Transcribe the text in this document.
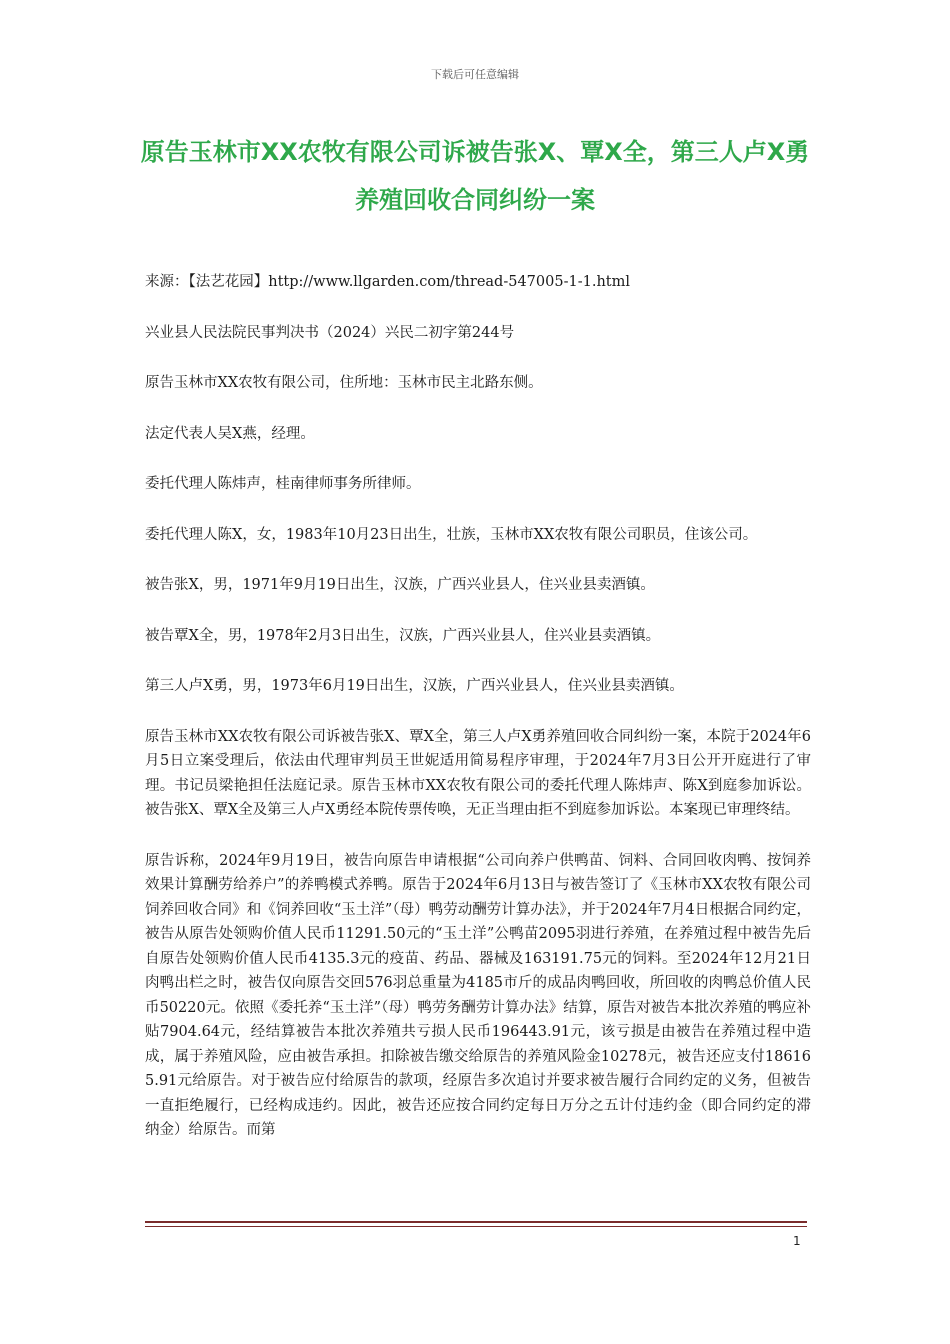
下载后可任意编辑
原告玉林市XX农牧有限公司诉被告张X、覃X全，第三人卢X勇养殖回收合同纠纷一案

来源：【法艺花园】http://www.llgarden.com/thread-547005-1-1.html

兴业县人民法院民事判决书（2024）兴民二初字第244号

原告玉林市XX农牧有限公司，住所地：玉林市民主北路东侧。

法定代表人吴X燕，经理。

委托代理人陈炜声，桂南律师事务所律师。

委托代理人陈X，女，1983年10月23日出生，壮族，玉林市XX农牧有限公司职员，住该公司。

被告张X，男，1971年9月19日出生，汉族，广西兴业县人，住兴业县卖酒镇。

被告覃X全，男，1978年2月3日出生，汉族，广西兴业县人，住兴业县卖酒镇。

第三人卢X勇，男，1973年6月19日出生，汉族，广西兴业县人，住兴业县卖酒镇。

原告玉林市XX农牧有限公司诉被告张X、覃X全，第三人卢X勇养殖回收合同纠纷一案，本院于2024年6月5日立案受理后，依法由代理审判员王世妮适用简易程序审理，于2024年7月3日公开开庭进行了审理。书记员梁艳担任法庭记录。原告玉林市XX农牧有限公司的委托代理人陈炜声、陈X到庭参加诉讼。被告张X、覃X全及第三人卢X勇经本院传票传唤，无正当理由拒不到庭参加诉讼。本案现已审理终结。

原告诉称，2024年9月19日，被告向原告申请根据“公司向养户供鸭苗、饲料、合同回收肉鸭、按饲养效果计算酬劳给养户”的养鸭模式养鸭。原告于2024年6月13日与被告签订了《玉林市XX农牧有限公司饲养回收合同》和《饲养回收“玉土洋”（母）鸭劳动酬劳计算办法》，并于2024年7月4日根据合同约定，被告从原告处领购价值人民币11291.50元的“玉土洋”公鸭苗2095羽进行养殖，在养殖过程中被告先后自原告处领购价值人民币4135.3元的疫苗、药品、器械及163191.75元的饲料。至2024年12月21日肉鸭出栏之时，被告仅向原告交回576羽总重量为4185市斤的成品肉鸭回收，所回收的肉鸭总价值人民币50220元。依照《委托养“玉土洋”（母）鸭劳务酬劳计算办法》结算，原告对被告本批次养殖的鸭应补贴7904.64元，经结算被告本批次养殖共亏损人民币196443.91元，该亏损是由被告在养殖过程中造成，属于养殖风险，应由被告承担。扣除被告缴交给原告的养殖风险金10278元，被告还应支付186165.91元给原告。对于被告应付给原告的款项，经原告多次追讨并要求被告履行合同约定的义务，但被告一直拒绝履行，已经构成违约。因此，被告还应按合同约定每日万分之五计付违约金（即合同约定的滞纳金）给原告。而第

1
